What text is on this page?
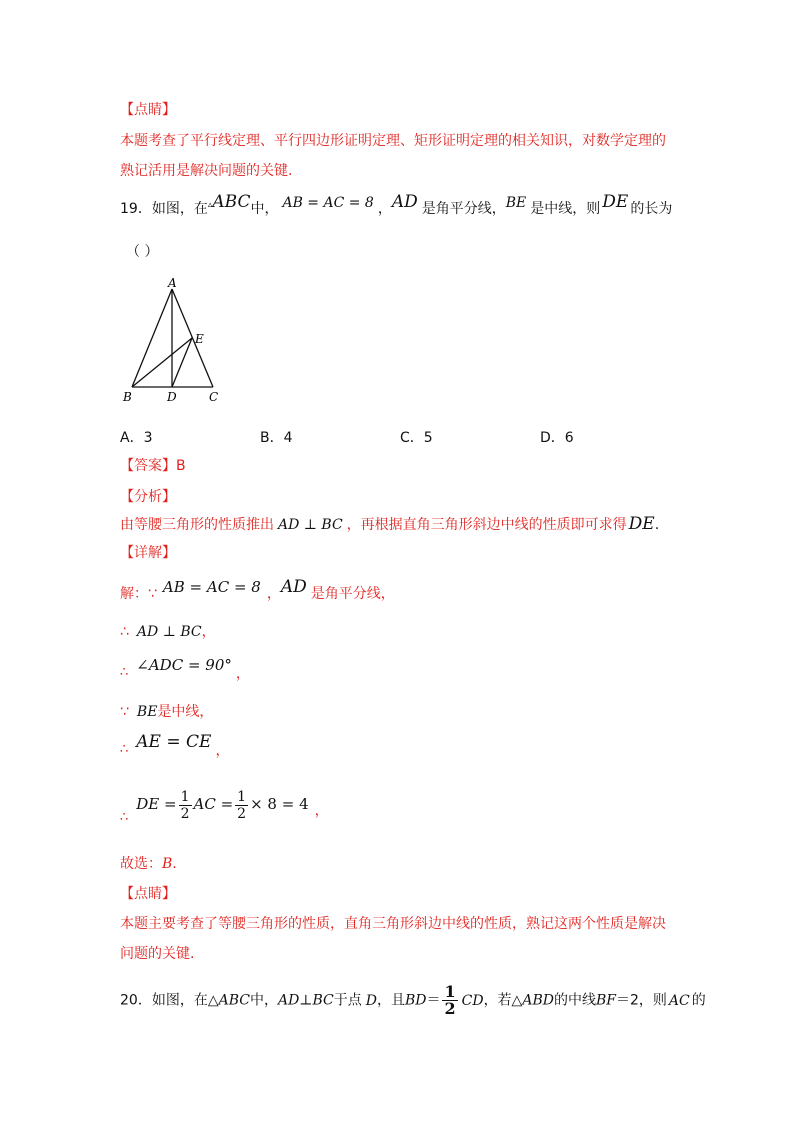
【点睛】
本题考查了平行线定理、平行四边形证明定理、矩形证明定理的相关知识，对数学定理的
熟记活用是解决问题的关键.
19．如图，在▵ABC中， AB = AC = 8 ，AD 是角平分线，BE 是中线，则 DE 的长为
（ ）
A
E
B	D	C
A．3	B．4	C．5	D．6
【答案】B
【分析】
由等腰三角形的性质推出 AD ⊥ BC ，再根据直角三角形斜边中线的性质即可求得 DE.
【详解】
解：∵ AB = AC = 8 ，AD 是角平分线，
∴ AD ⊥ BC，
∴ ∠ADC = 90° ，
∵ BE是中线，
∴ AE = CE ，
∴DE = $\frac{1}{2}$ AC = $\frac{1}{2} \times 8 = 4$ ，
故选：B.
【点睛】
本题主要考查了等腰三角形的性质，直角三角形斜边中线的性质，熟记这两个性质是解决
问题的关键.
20．如图，在△ABC中，AD⊥BC于点 D，且$BD= \frac{1}{2}$ CD，若△ABD的中线BF＝2，则 AC 的
